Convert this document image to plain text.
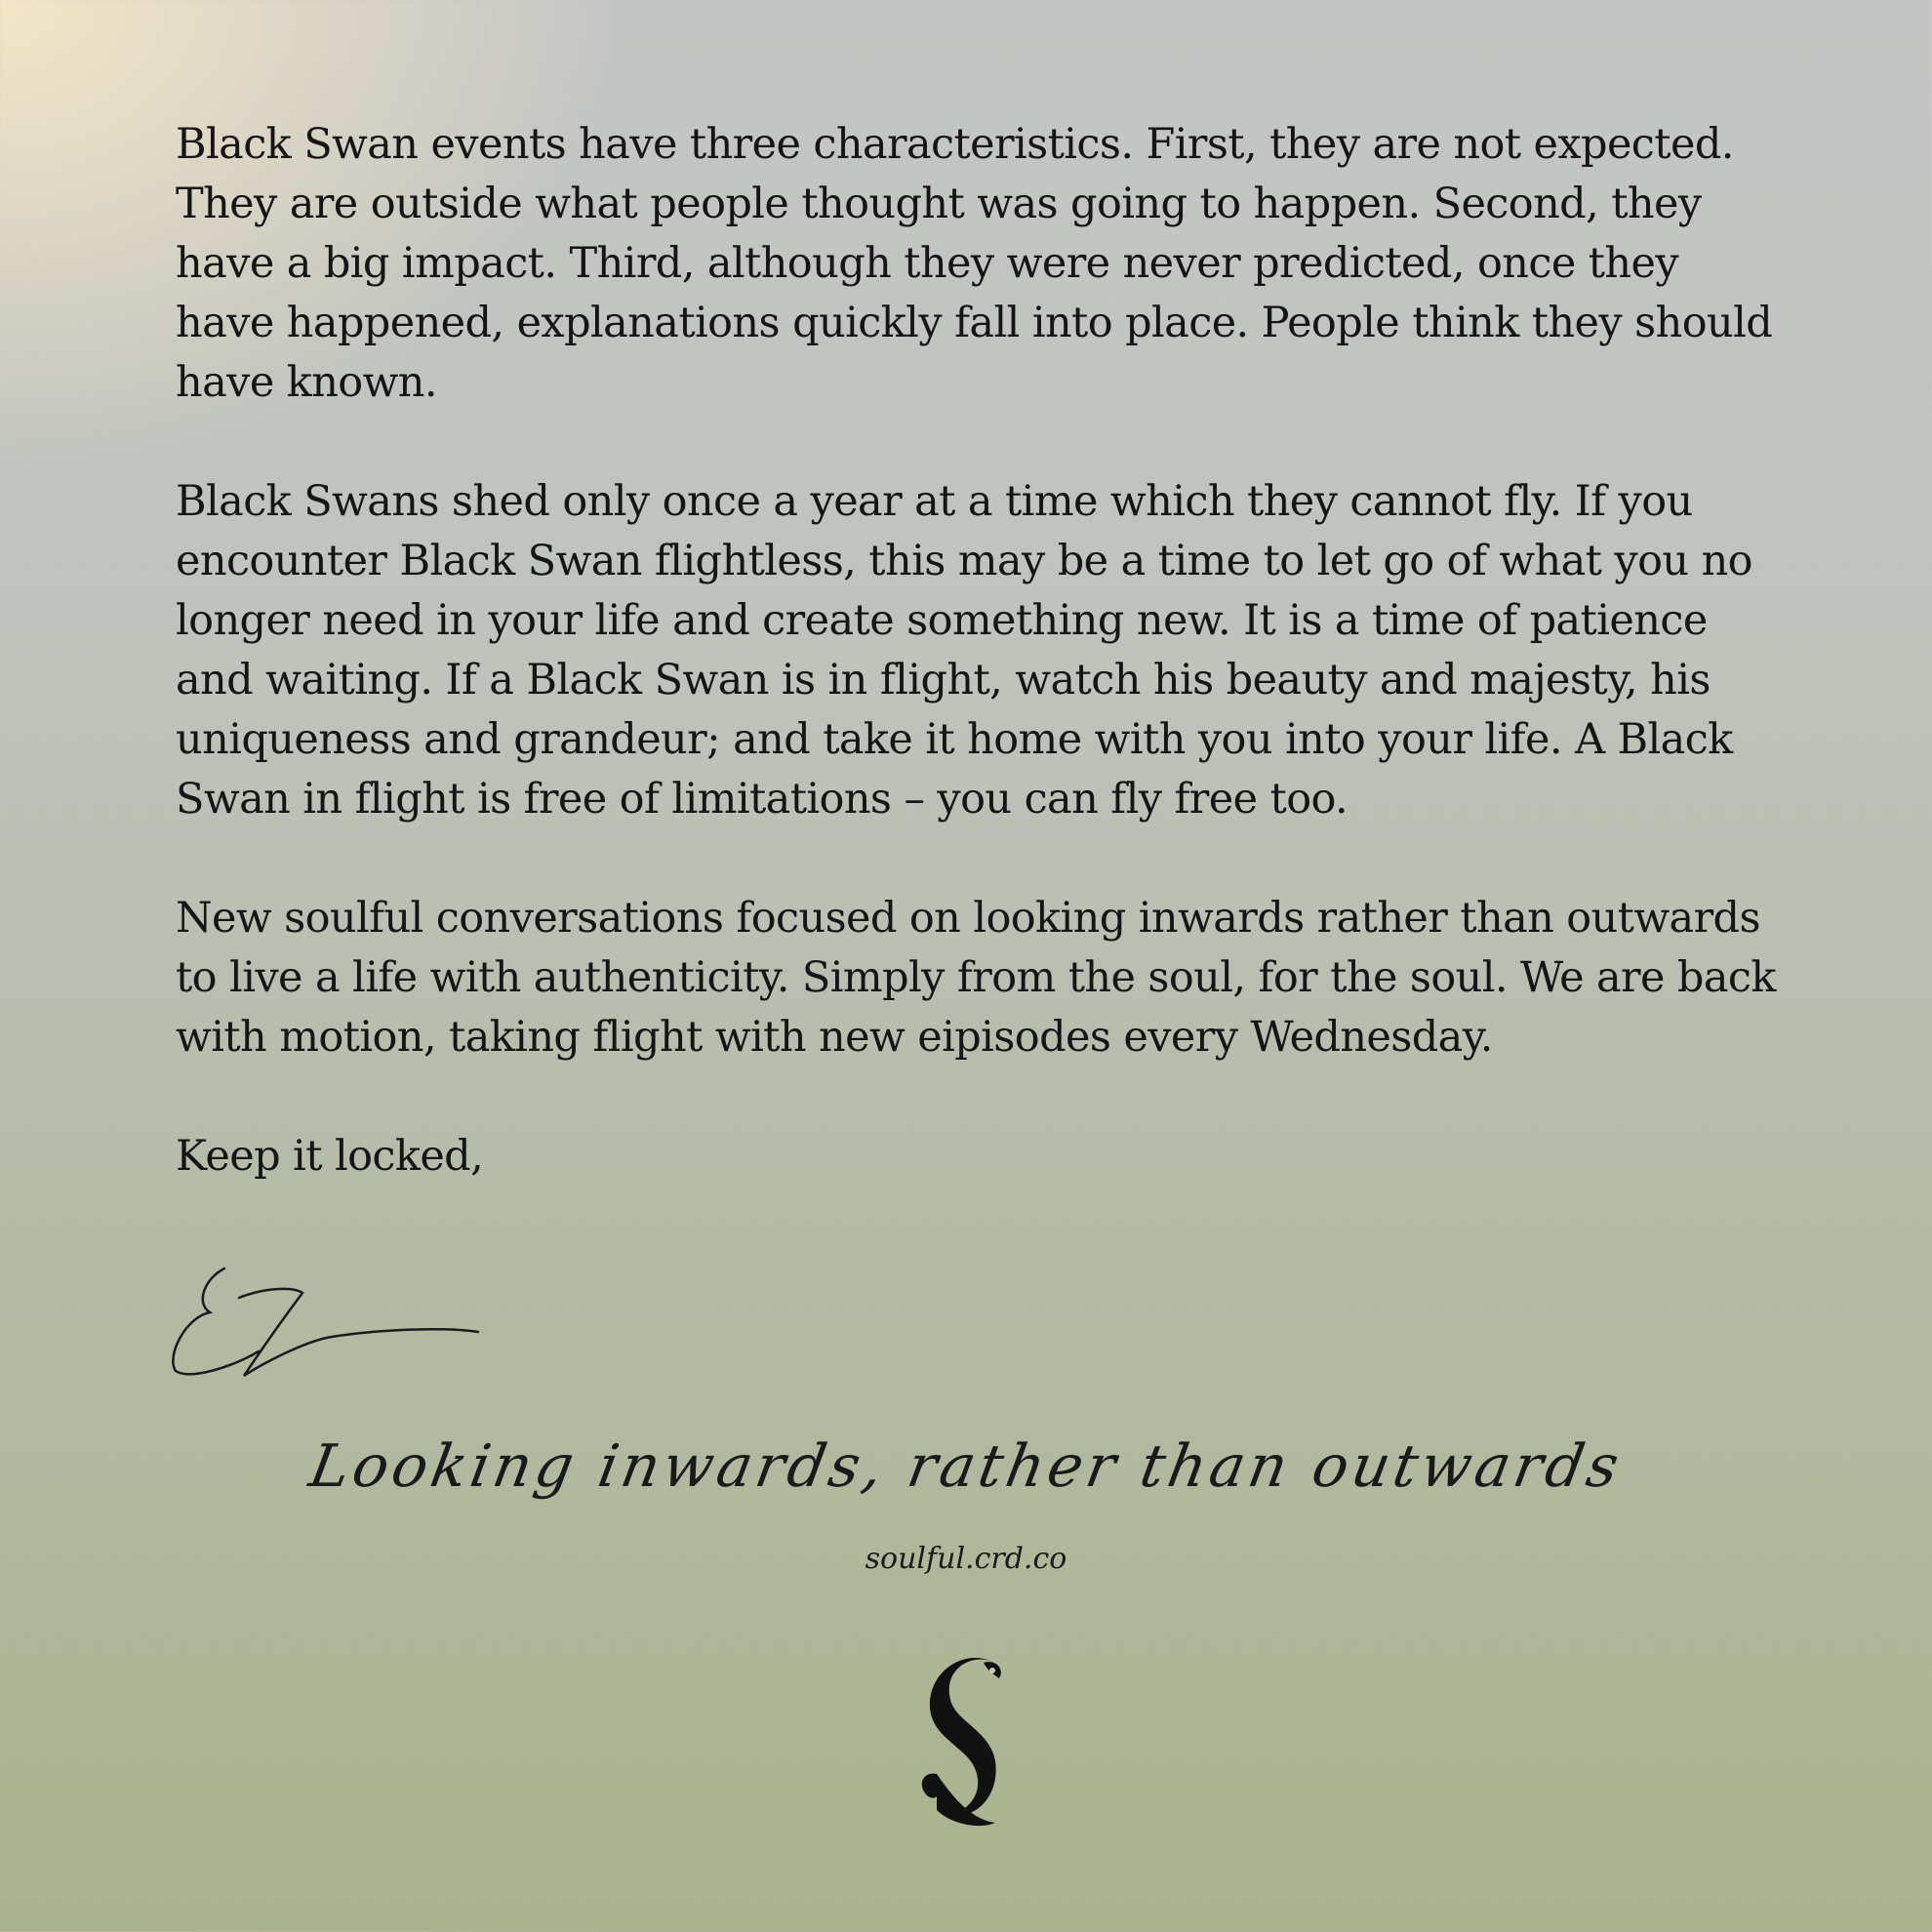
Black Swan events have three characteristics. First, they are not expected. They are outside what people thought was going to happen. Second, they have a big impact. Third, although they were never predicted, once they have happened, explanations quickly fall into place. People think they should have known.

Black Swans shed only once a year at a time which they cannot fly. If you encounter Black Swan flightless, this may be a time to let go of what you no longer need in your life and create something new. It is a time of patience and waiting. If a Black Swan is in flight, watch his beauty and majesty, his uniqueness and grandeur; and take it home with you into your life. A Black Swan in flight is free of limitations – you can fly free too.

New soulful conversations focused on looking inwards rather than outwards to live a life with authenticity. Simply from the soul, for the soul. We are back with motion, taking flight with new eipisodes every Wednesday.

Keep it locked,

Looking inwards, rather than outwards
soulful.crd.co
